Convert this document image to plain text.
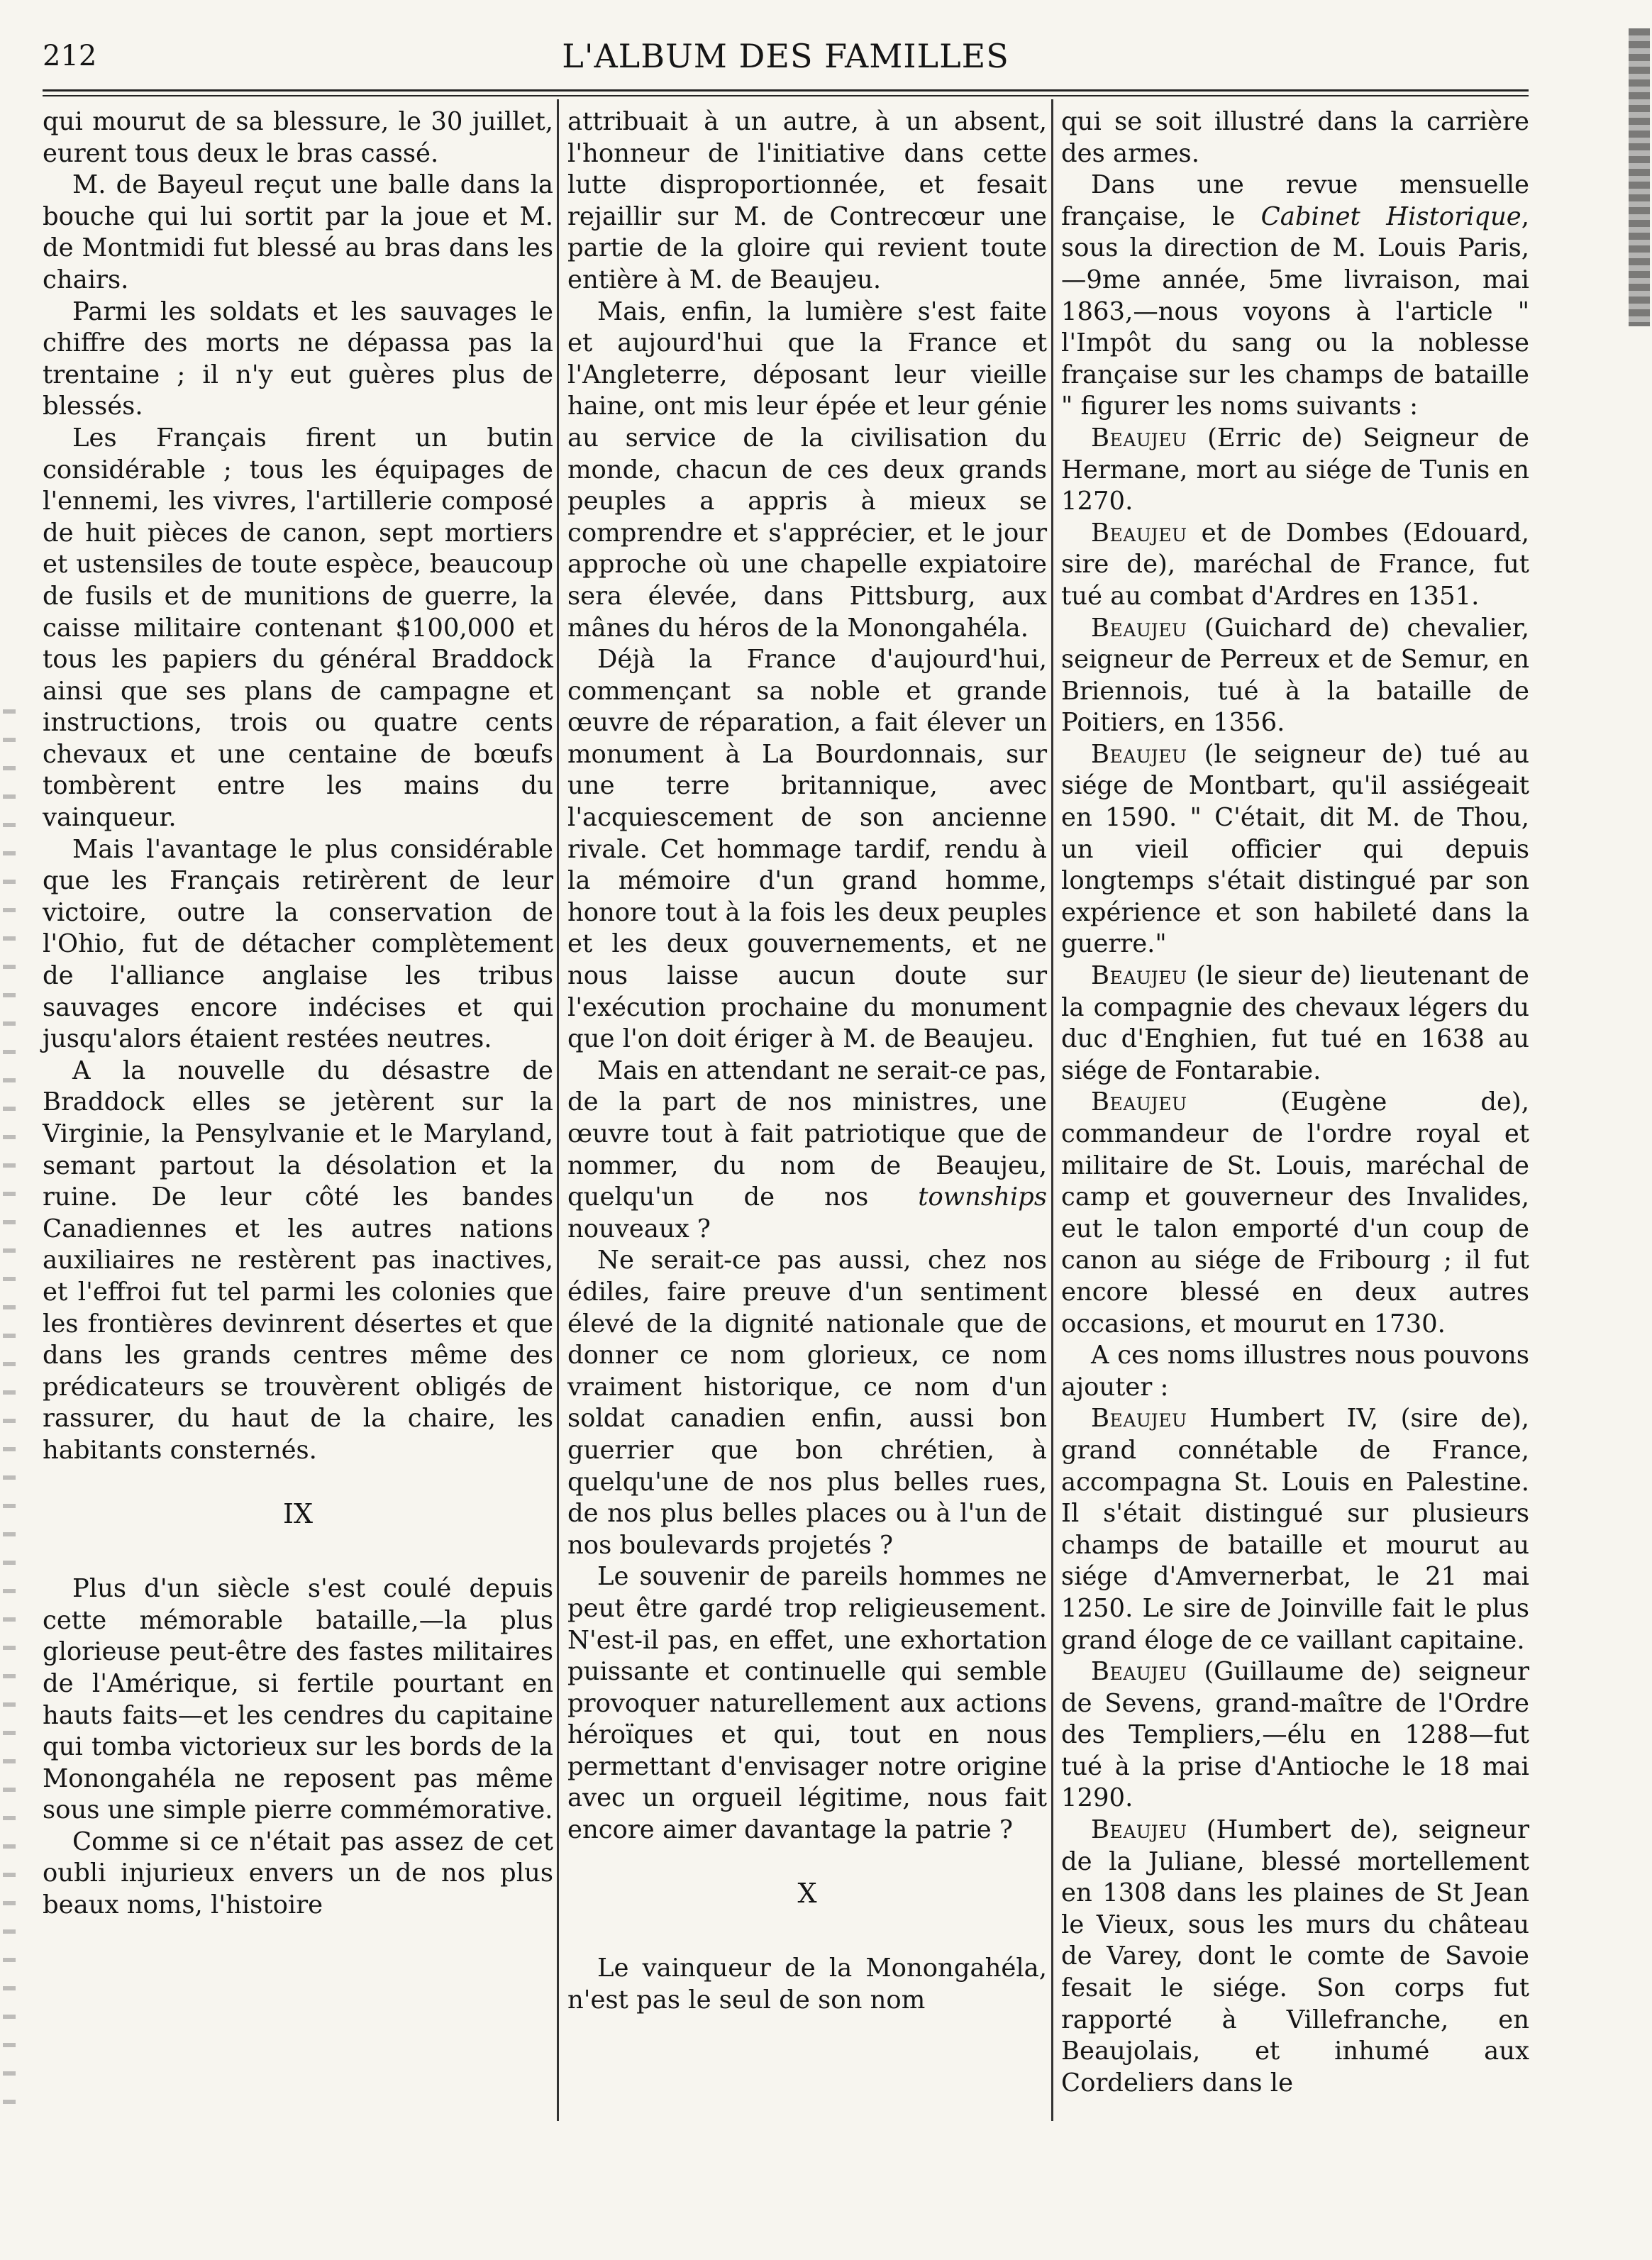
212	L'ALBUM DES FAMILLES

qui mourut de sa blessure, le 30 juillet, eurent tous deux le bras cassé.

M. de Bayeul reçut une balle dans la bouche qui lui sortit par la joue et M. de Montmidi fut blessé au bras dans les chairs.

Parmi les soldats et les sauvages le chiffre des morts ne dépassa pas la trentaine ; il n'y eut guères plus de blessés.

Les Français firent un butin considérable ; tous les équipages de l'ennemi, les vivres, l'artillerie composé de huit pièces de canon, sept mortiers et ustensiles de toute espèce, beaucoup de fusils et de munitions de guerre, la caisse militaire contenant $100,000 et tous les papiers du général Braddock ainsi que ses plans de campagne et instructions, trois ou quatre cents chevaux et une centaine de bœufs tombèrent entre les mains du vainqueur.

Mais l'avantage le plus considérable que les Français retirèrent de leur victoire, outre la conservation de l'Ohio, fut de détacher complètement de l'alliance anglaise les tribus sauvages encore indécises et qui jusqu'alors étaient restées neutres.

A la nouvelle du désastre de Braddock elles se jetèrent sur la Virginie, la Pensylvanie et le Maryland, semant partout la désolation et la ruine. De leur côté les bandes Canadiennes et les autres nations auxiliaires ne restèrent pas inactives, et l'effroi fut tel parmi les colonies que les frontières devinrent désertes et que dans les grands centres même des prédicateurs se trouvèrent obligés de rassurer, du haut de la chaire, les habitants consternés.

IX

Plus d'un siècle s'est coulé depuis cette mémorable bataille,—la plus glorieuse peut-être des fastes militaires de l'Amérique, si fertile pourtant en hauts faits—et les cendres du capitaine qui tomba victorieux sur les bords de la Monongahéla ne reposent pas même sous une simple pierre commémorative.

Comme si ce n'était pas assez de cet oubli injurieux envers un de nos plus beaux noms, l'histoire

attribuait à un autre, à un absent, l'honneur de l'initiative dans cette lutte disproportionnée, et fesait rejaillir sur M. de Contrecœur une partie de la gloire qui revient toute entière à M. de Beaujeu.

Mais, enfin, la lumière s'est faite et aujourd'hui que la France et l'Angleterre, déposant leur vieille haine, ont mis leur épée et leur génie au service de la civilisation du monde, chacun de ces deux grands peuples a appris à mieux se comprendre et s'apprécier, et le jour approche où une chapelle expiatoire sera élevée, dans Pittsburg, aux mânes du héros de la Monongahéla.

Déjà la France d'aujourd'hui, commençant sa noble et grande œuvre de réparation, a fait élever un monument à La Bourdonnais, sur une terre britannique, avec l'acquiescement de son ancienne rivale. Cet hommage tardif, rendu à la mémoire d'un grand homme, honore tout à la fois les deux peuples et les deux gouvernements, et ne nous laisse aucun doute sur l'exécution prochaine du monument que l'on doit ériger à M. de Beaujeu.

Mais en attendant ne serait-ce pas, de la part de nos ministres, une œuvre tout à fait patriotique que de nommer, du nom de Beaujeu, quelqu'un de nos townships nouveaux ?

Ne serait-ce pas aussi, chez nos édiles, faire preuve d'un sentiment élevé de la dignité nationale que de donner ce nom glorieux, ce nom vraiment historique, ce nom d'un soldat canadien enfin, aussi bon guerrier que bon chrétien, à quelqu'une de nos plus belles rues, de nos plus belles places ou à l'un de nos boulevards projetés ?

Le souvenir de pareils hommes ne peut être gardé trop religieusement. N'est-il pas, en effet, une exhortation puissante et continuelle qui semble provoquer naturellement aux actions héroïques et qui, tout en nous permettant d'envisager notre origine avec un orgueil légitime, nous fait encore aimer davantage la patrie ?

X

Le vainqueur de la Monongahéla, n'est pas le seul de son nom

qui se soit illustré dans la carrière des armes.

Dans une revue mensuelle française, le Cabinet Historique, sous la direction de M. Louis Paris,—9me année, 5me livraison, mai 1863,—nous voyons à l'article " l'Impôt du sang ou la noblesse française sur les champs de bataille " figurer les noms suivants :

Beaujeu (Erric de) Seigneur de Hermane, mort au siége de Tunis en 1270.

Beaujeu et de Dombes (Edouard, sire de), maréchal de France, fut tué au combat d'Ardres en 1351.

Beaujeu (Guichard de) chevalier, seigneur de Perreux et de Semur, en Briennois, tué à la bataille de Poitiers, en 1356.

Beaujeu (le seigneur de) tué au siége de Montbart, qu'il assiégeait en 1590. " C'était, dit M. de Thou, un vieil officier qui depuis longtemps s'était distingué par son expérience et son habileté dans la guerre."

Beaujeu (le sieur de) lieutenant de la compagnie des chevaux légers du duc d'Enghien, fut tué en 1638 au siége de Fontarabie.

Beaujeu (Eugène de), commandeur de l'ordre royal et militaire de St. Louis, maréchal de camp et gouverneur des Invalides, eut le talon emporté d'un coup de canon au siége de Fribourg ; il fut encore blessé en deux autres occasions, et mourut en 1730.

A ces noms illustres nous pouvons ajouter :

Beaujeu Humbert IV, (sire de), grand connétable de France, accompagna St. Louis en Palestine. Il s'était distingué sur plusieurs champs de bataille et mourut au siége d'Amvernerbat, le 21 mai 1250. Le sire de Joinville fait le plus grand éloge de ce vaillant capitaine.

Beaujeu (Guillaume de) seigneur de Sevens, grand-maître de l'Ordre des Templiers,—élu en 1288—fut tué à la prise d'Antioche le 18 mai 1290.

Beaujeu (Humbert de), seigneur de la Juliane, blessé mortellement en 1308 dans les plaines de St Jean le Vieux, sous les murs du château de Varey, dont le comte de Savoie fesait le siége. Son corps fut rapporté à Villefranche, en Beaujolais, et inhumé aux Cordeliers dans le
